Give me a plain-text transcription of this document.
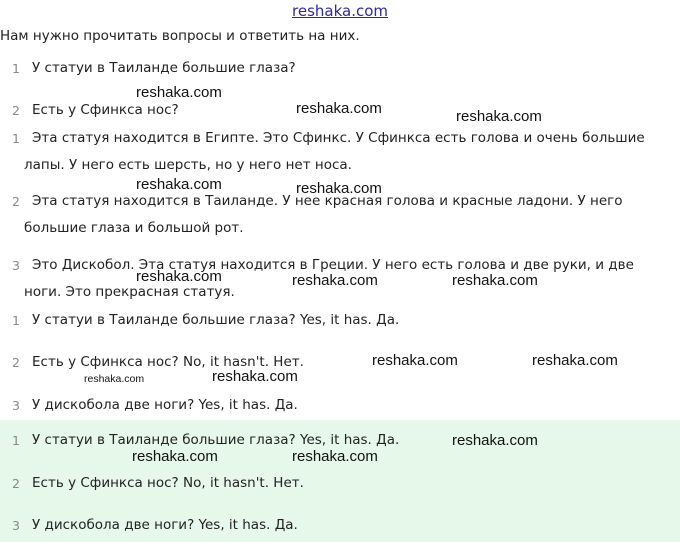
reshaka.com
Нам нужно прочитать вопросы и ответить на них.
1 У статуи в Таиланде большие глаза?
2 Есть у Сфинкса нос?
1 Эта статуя находится в Египте. Это Сфинкс. У Сфинкса есть голова и очень большие
лапы. У него есть шерсть, но у него нет носа.
2 Эта статуя находится в Таиланде. У нее красная голова и красные ладони. У него
большие глаза и большой рот.
3 Это Дискобол. Эта статуя находится в Греции. У него есть голова и две руки, и две
ноги. Это прекрасная статуя.
1 У статуи в Таиланде большие глаза? Yes, it has. Да.
2 Есть у Сфинкса нос? No, it hasn't. Нет.
3 У дискобола две ноги? Yes, it has. Да.
1 У статуи в Таиланде большие глаза? Yes, it has. Да.
2 Есть у Сфинкса нос? No, it hasn't. Нет.
3 У дискобола две ноги? Yes, it has. Да.
reshaka.com
reshaka.com	reshaka.com
reshaka.com	reshaka.com
reshaka.com	reshaka.com	reshaka.com
reshaka.com	reshaka.com
reshaka.com	reshaka.com
reshaka.com
reshaka.com	reshaka.com
